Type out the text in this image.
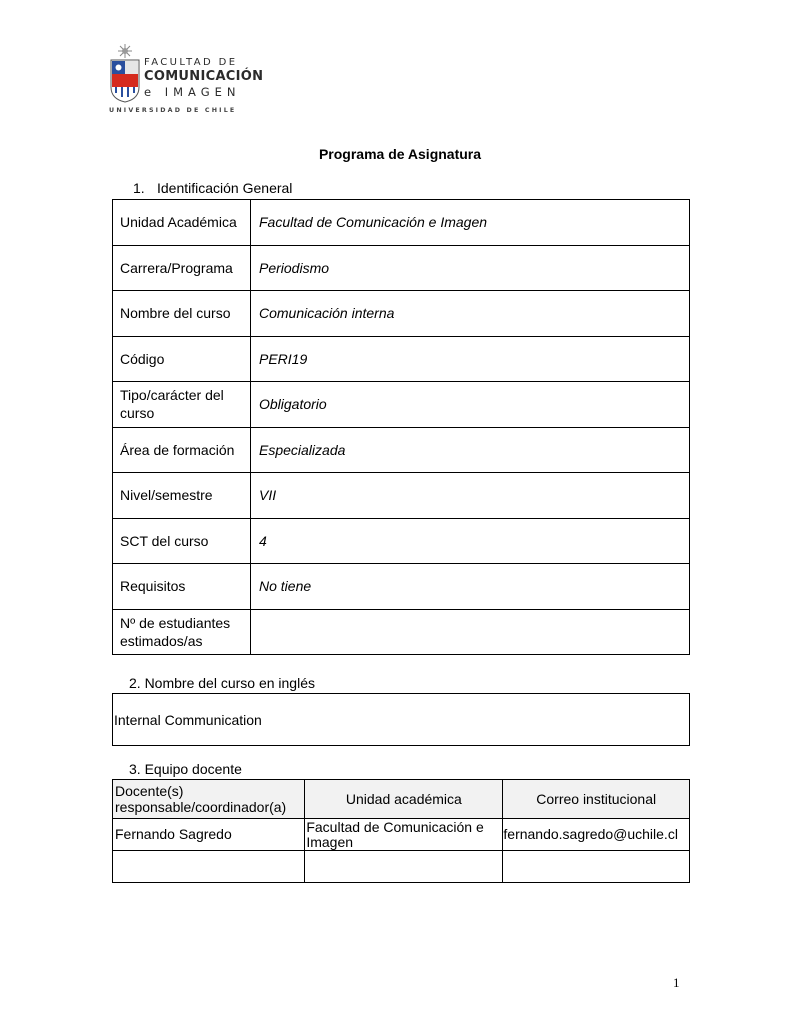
FACULTAD DE
COMUNICACIÓN
e IMAGEN
UNIVERSIDAD DE CHILE
Programa de Asignatura
1. Identificación General
Unidad Académica	Facultad de Comunicación e Imagen
Carrera/Programa	Periodismo
Nombre del curso	Comunicación interna
Código	PERI19
Tipo/carácter del curso	Obligatorio
Área de formación	Especializada
Nivel/semestre	VII
SCT del curso	4
Requisitos	No tiene
Nº de estudiantes estimados/as	
2. Nombre del curso en inglés
Internal Communication
3. Equipo docente
Docente(s) responsable/coordinador(a)	Unidad académica	Correo institucional
Fernando Sagredo	Facultad de Comunicación e Imagen	fernando.sagredo@uchile.cl

1
